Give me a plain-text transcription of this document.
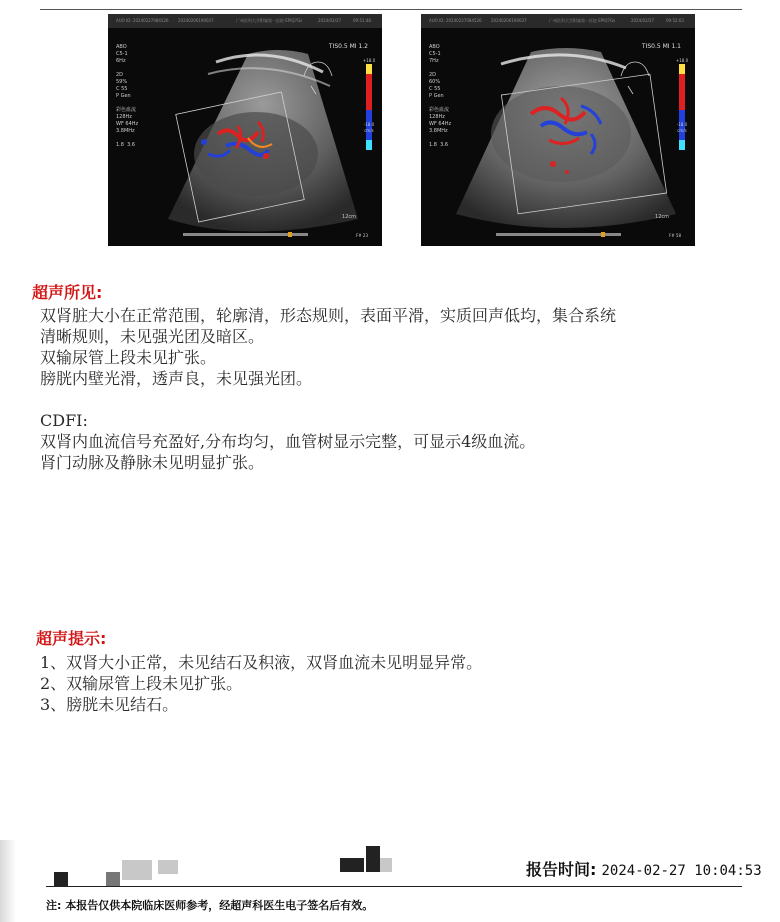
AUO ID: 20240227084526 20240206190037	广州医科大学附属第一医院 EPIQ7Gs	2024/02/27	09:51:48
ABO
C5-1
6Hz

2D
59%
C 55
P Gen

彩色血流
128Hz
WF 64Hz
3.8MHz

1.8  3.6
TIS0.5 MI 1.2
+18.0
-18.0
cm/s
12cm
F# 23
AUO ID: 20240227084526 20240206190037	广州医科大学附属第一医院 EPIQ7Gs	2024/02/27	09:52:03
ABO
C5-1
7Hz

2D
60%
C 55
P Gen

彩色血流
128Hz
WF 64Hz
3.8MHz

1.8  3.6
TIS0.5 MI 1.1
+18.0
-18.0
cm/s
12cm
F# 58
超声所见:
双肾脏大小在正常范围，轮廓清，形态规则，表面平滑，实质回声低均，集合系统
清晰规则，未见强光团及暗区。
双输尿管上段未见扩张。
膀胱内壁光滑，透声良，未见强光团。
CDFI:
双肾内血流信号充盈好,分布均匀，血管树显示完整，可显示4级血流。
肾门动脉及静脉未见明显扩张。
超声提示:
1、双肾大小正常，未见结石及积液，双肾血流未见明显异常。
2、双输尿管上段未见扩张。
3、膀胱未见结石。
报告时间: 2024-02-27 10:04:53
注: 本报告仅供本院临床医师参考，经超声科医生电子签名后有效。
